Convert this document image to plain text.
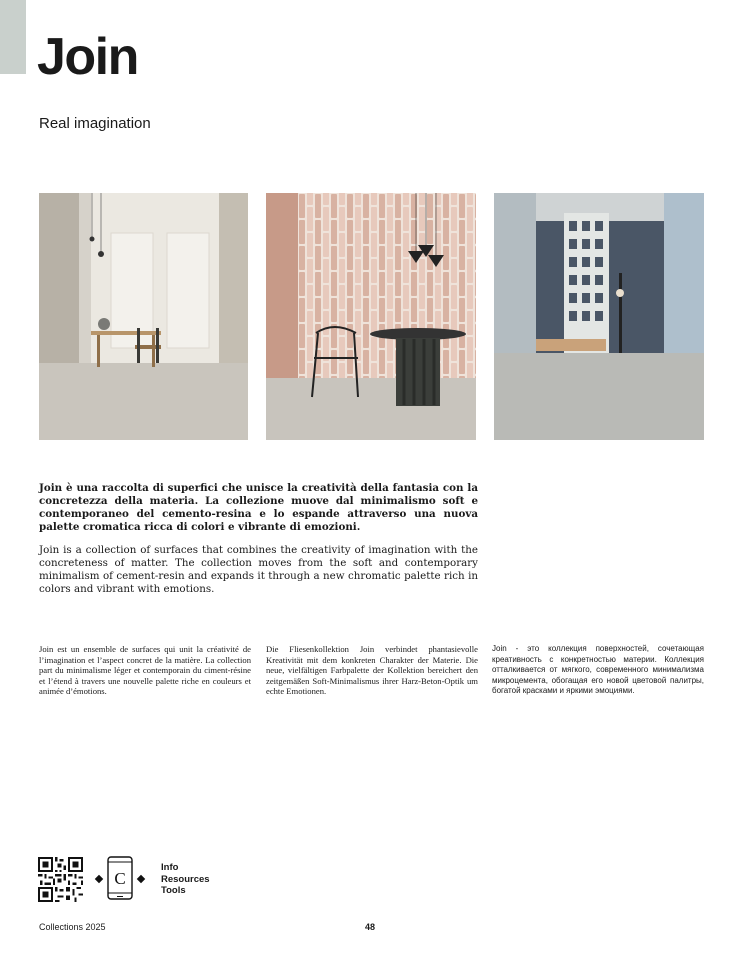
Join

Real imagination

Join è una raccolta di superfici che unisce la creatività della fantasia con la concretezza della materia. La collezione muove dal minimalismo soft e contemporaneo del cemento-resina e lo espande attraverso una nuova palette cromatica ricca di colori e vibrante di emozioni.

Join is a collection of surfaces that combines the creativity of imagination with the concreteness of matter. The collection moves from the soft and contemporary minimalism of cement-resin and expands it through a new chromatic palette rich in colors and vibrant with emotions.

Join est un ensemble de surfaces qui unit la créativité de l’imagination et l’aspect concret de la matière. La collection part du minimalisme léger et contemporain du ciment-résine et l’étend à travers une nouvelle palette riche en couleurs et animée d’émotions.

Die Fliesenkollektion Join verbindet phantasievolle Kreativität mit dem konkreten Charakter der Materie. Die neue, vielfältigen Farbpalette der Kollektion bereichert den zeitgemäßen Soft-Minimalismus ihrer Harz-Beton-Optik um echte Emotionen.

Join - это коллекция поверхностей, сочетающая креативность с конкретностью материи. Коллекция отталкивается от мягкого, современного минимализма микроцемента, обогащая его новой цветовой палитры, богатой красками и яркими эмоциями.

C
Info
Resources
Tools
Collections 2025	48
